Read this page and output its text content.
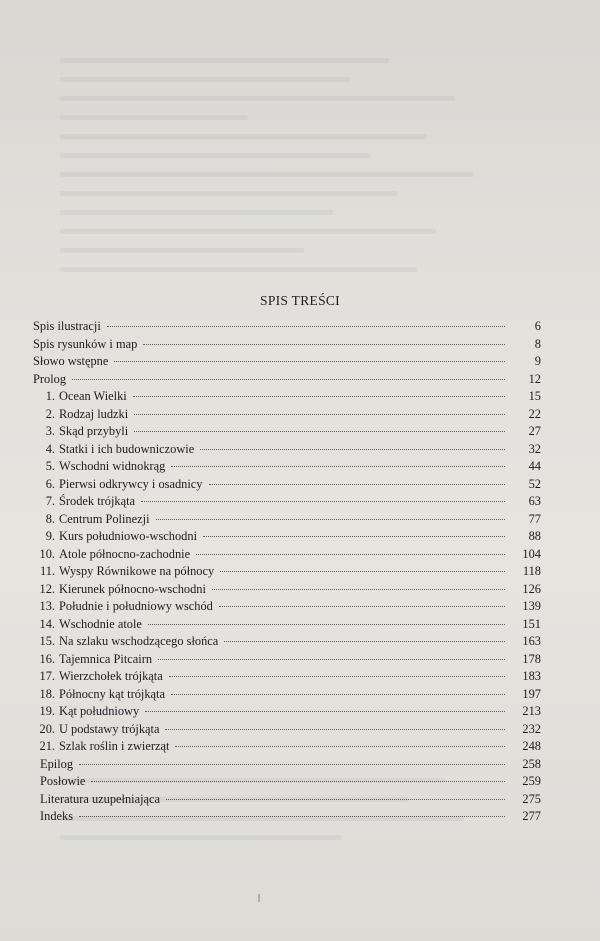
SPIS TREŚCI
Spis ilustracji	6
Spis rysunków i map	8
Słowo wstępne	9
Prolog	12
1. Ocean Wielki	15
2. Rodzaj ludzki	22
3. Skąd przybyli	27
4. Statki i ich budowniczowie	32
5. Wschodni widnokrąg	44
6. Pierwsi odkrywcy i osadnicy	52
7. Środek trójkąta	63
8. Centrum Polinezji	77
9. Kurs południowo-wschodni	88
10. Atole północno-zachodnie	104
11. Wyspy Równikowe na północy	118
12. Kierunek północno-wschodni	126
13. Południe i południowy wschód	139
14. Wschodnie atole	151
15. Na szlaku wschodzącego słońca	163
16. Tajemnica Pitcairn	178
17. Wierzchołek trójkąta	183
18. Północny kąt trójkąta	197
19. Kąt południowy	213
20. U podstawy trójkąta	232
21. Szlak roślin i zwierząt	248
Epilog	258
Posłowie	259
Literatura uzupełniająca	275
Indeks	277
